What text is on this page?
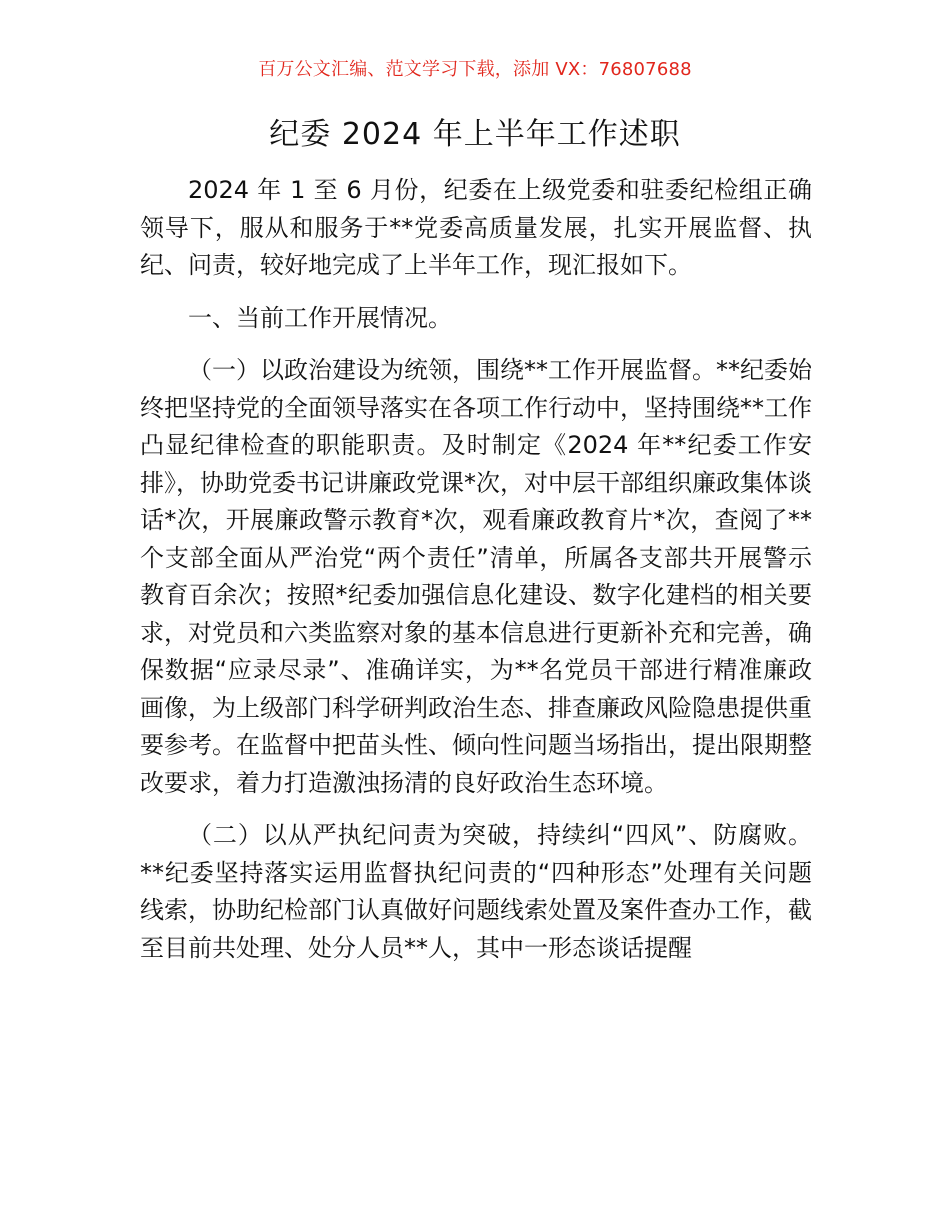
百万公文汇编、范文学习下载，添加 VX：76807688
纪委 2024 年上半年工作述职

2024 年 1 至 6 月份，纪委在上级党委和驻委纪检组正确领导下，服从和服务于**党委高质量发展，扎实开展监督、执纪、问责，较好地完成了上半年工作，现汇报如下。

一、当前工作开展情况。

（一）以政治建设为统领，围绕**工作开展监督。**纪委始终把坚持党的全面领导落实在各项工作行动中，坚持围绕**工作凸显纪律检查的职能职责。及时制定《2024 年**纪委工作安排》，协助党委书记讲廉政党课*次，对中层干部组织廉政集体谈话*次，开展廉政警示教育*次，观看廉政教育片*次，查阅了**个支部全面从严治党“两个责任”清单，所属各支部共开展警示教育百余次；按照*纪委加强信息化建设、数字化建档的相关要求，对党员和六类监察对象的基本信息进行更新补充和完善，确保数据“应录尽录”、准确详实，为**名党员干部进行精准廉政画像，为上级部门科学研判政治生态、排查廉政风险隐患提供重要参考。在监督中把苗头性、倾向性问题当场指出，提出限期整改要求，着力打造激浊扬清的良好政治生态环境。

（二）以从严执纪问责为突破，持续纠“四风”、防腐败。**纪委坚持落实运用监督执纪问责的“四种形态”处理有关问题线索，协助纪检部门认真做好问题线索处置及案件查办工作，截至目前共处理、处分人员**人，其中一形态谈话提醒
